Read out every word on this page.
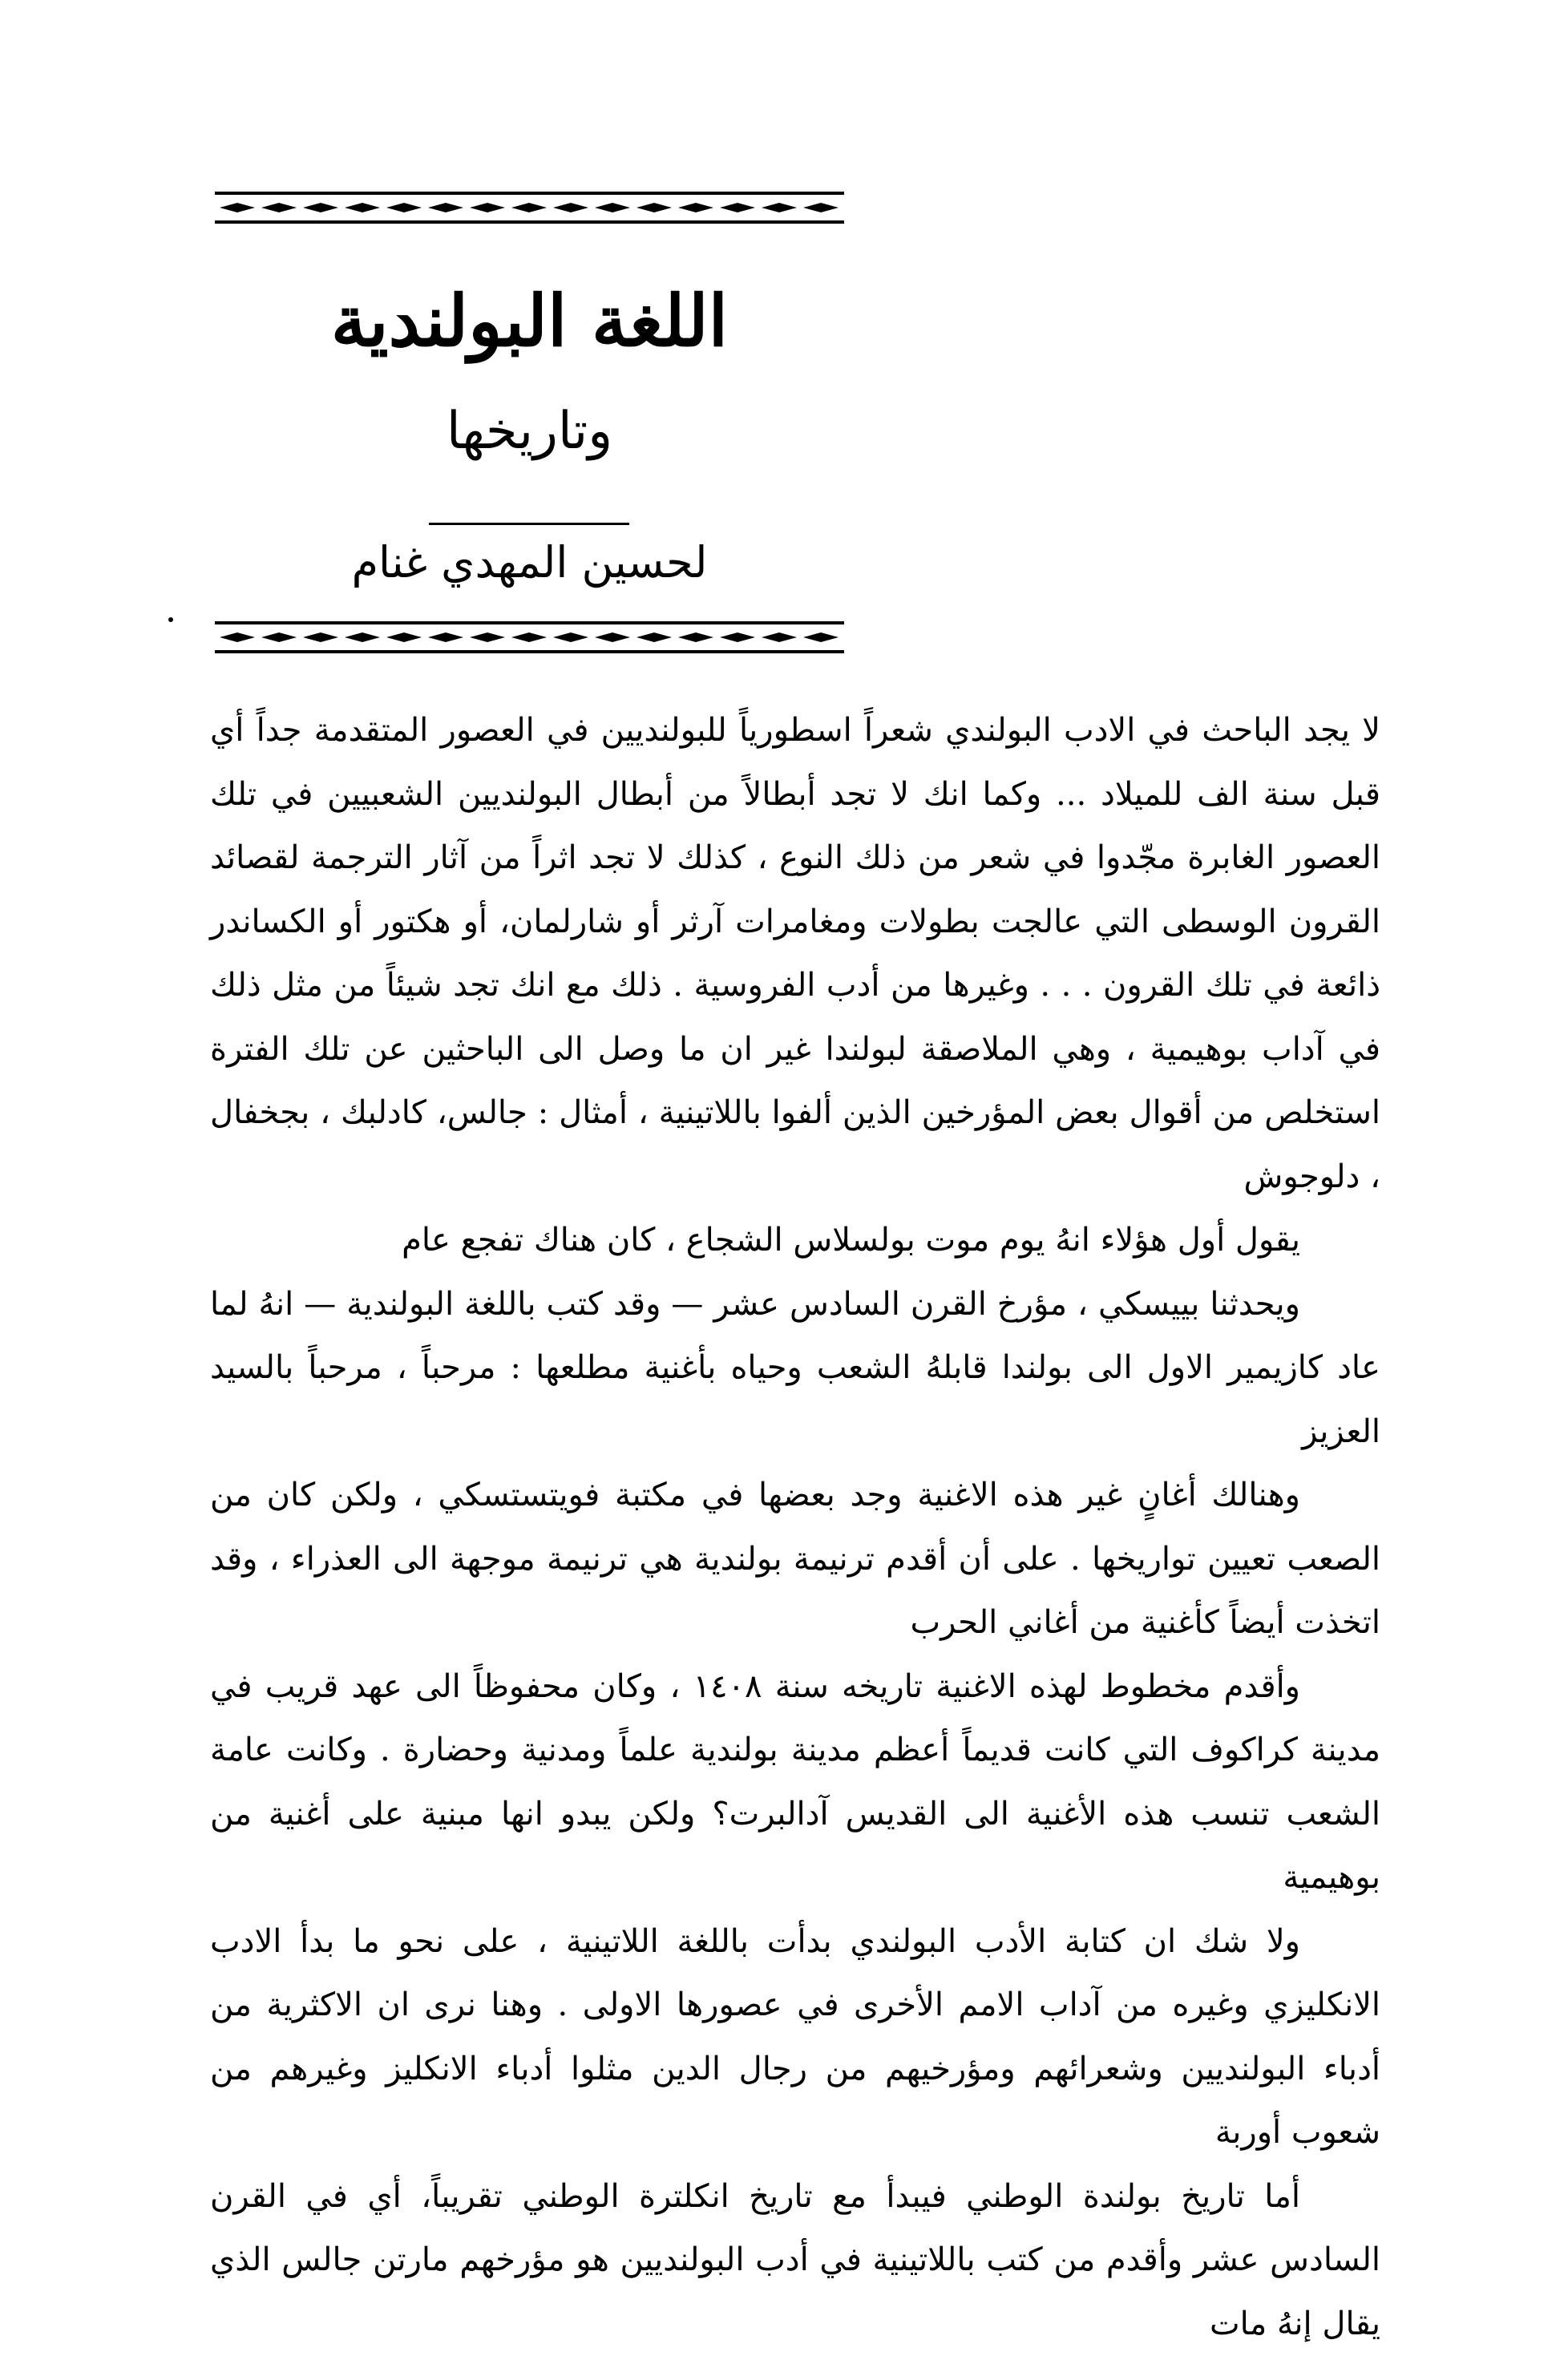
اللغة البولندية
وتاريخها
لحسين المهدي غنام

لا يجد الباحث في الادب البولندي شعراً اسطورياً للبولنديين في العصور المتقدمة جداً أي قبل سنة الف للميلاد ... وكما انك لا تجد أبطالاً من أبطال البولنديين الشعبيين في تلك العصور الغابرة مجّدوا في شعر من ذلك النوع ، كذلك لا تجد اثراً من آثار الترجمة لقصائد القرون الوسطى التي عالجت بطولات ومغامرات آرثر أو شارلمان، أو هكتور أو الكساندر ذائعة في تلك القرون . . . وغيرها من أدب الفروسية . ذلك مع انك تجد شيئاً من مثل ذلك في آداب بوهيمية ، وهي الملاصقة لبولندا غير ان ما وصل الى الباحثين عن تلك الفترة استخلص من أقوال بعض المؤرخين الذين ألفوا باللاتينية ، أمثال : جالس، كادلبك ، بجخفال ، دلوجوش

يقول أول هؤلاء انهُ يوم موت بولسلاس الشجاع ، كان هناك تفجع عام

ويحدثنا بييسكي ، مؤرخ القرن السادس عشر — وقد كتب باللغة البولندية — انهُ لما عاد كازيمير الاول الى بولندا قابلهُ الشعب وحياه بأغنية مطلعها : مرحباً ، مرحباً بالسيد العزيز

وهنالك أغانٍ غير هذه الاغنية وجد بعضها في مكتبة فويتستسكي ، ولكن كان من الصعب تعيين تواريخها . على أن أقدم ترنيمة بولندية هي ترنيمة موجهة الى العذراء ، وقد اتخذت أيضاً كأغنية من أغاني الحرب

وأقدم مخطوط لهذه الاغنية تاريخه سنة ١٤٠٨ ، وكان محفوظاً الى عهد قريب في مدينة كراكوف التي كانت قديماً أعظم مدينة بولندية علماً ومدنية وحضارة . وكانت عامة الشعب تنسب هذه الأغنية الى القديس آدالبرت؟ ولكن يبدو انها مبنية على أغنية من بوهيمية

ولا شك ان كتابة الأدب البولندي بدأت باللغة اللاتينية ، على نحو ما بدأ الادب الانكليزي وغيره من آداب الامم الأخرى في عصورها الاولى . وهنا نرى ان الاكثرية من أدباء البولنديين وشعرائهم ومؤرخيهم من رجال الدين مثلوا أدباء الانكليز وغيرهم من شعوب أوربة

أما تاريخ بولندة الوطني فيبدأ مع تاريخ انكلترة الوطني تقريباً، أي في القرن السادس عشر وأقدم من كتب باللاتينية في أدب البولنديين هو مؤرخهم مارتن جالس الذي يقال إنهُ مات
